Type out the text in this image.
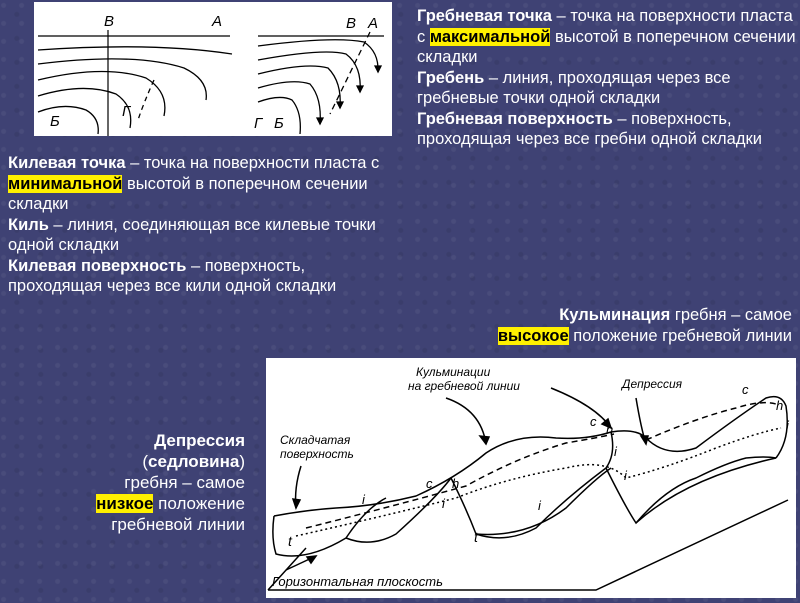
В	А
Б
Г
В А
Г Б
Гребневая точка – точка на поверхности пласта с максимальной высотой в поперечном сечении складки
Гребень – линия, проходящая через все гребневые точки одной складки
Гребневая поверхность – поверхность, проходящая через все гребни одной складки
Килевая точка – точка на поверхности пласта с минимальной высотой в поперечном сечении складки
Киль – линия, соединяющая все килевые точки одной складки
Килевая поверхность – поверхность, проходящая через все кили одной складки
Кульминация гребня – самое
высокое положение гребневой линии
Депрессия
(седловина)
гребня – самое
низкое положение
гребневой линии
Кульминации
на гребневой линии	Депрессия
Складчатая
поверхность
Горизонтальная плоскость
c
c
h
h
h
c
i	i	i
i
i
i
t	t
